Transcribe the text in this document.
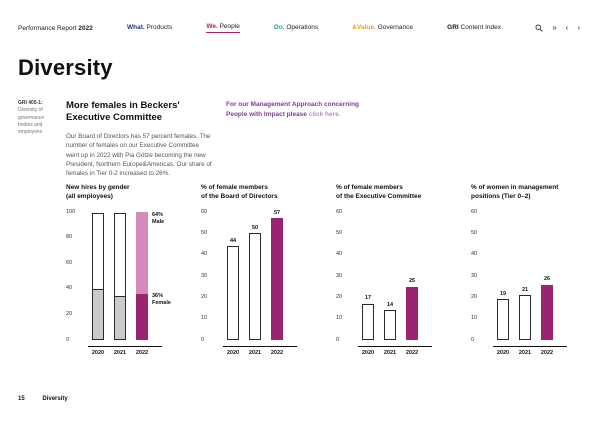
Performance Report 2022	What. Products	We. People	Do. Operations	&Value. Governance	GRI Content Index	» ‹ ›
Diversity
GRI 405-1:
Diversity of governance bodies and employees
More females in Beckers'
Executive Committee
Our Board of Directors has 57 percent females. The number of females on our Executive Committee went up in 2022 with Pia Götze becoming the new President, Northern Europe&Americas. Our share of females in Tier 0-2 increased to 26%.
For our Management Approach concerning People with Impact please click here.
New hires by gender
(all employees)
0
20
40
60
80
100
64%
Male
36%
Female
2020 2021 2022
% of female members
of the Board of Directors
0
10
20
30
40
50
60
44
50
57
2020 2021 2022
% of female members
of the Executive Committee
0
10
20
30
40
50
60
17
14
25
2020 2021 2022
% of women in management
positions (Tier 0–2)
0
10
20
30
40
50
60
19
21
26
2020 2021 2022
15	Diversity
